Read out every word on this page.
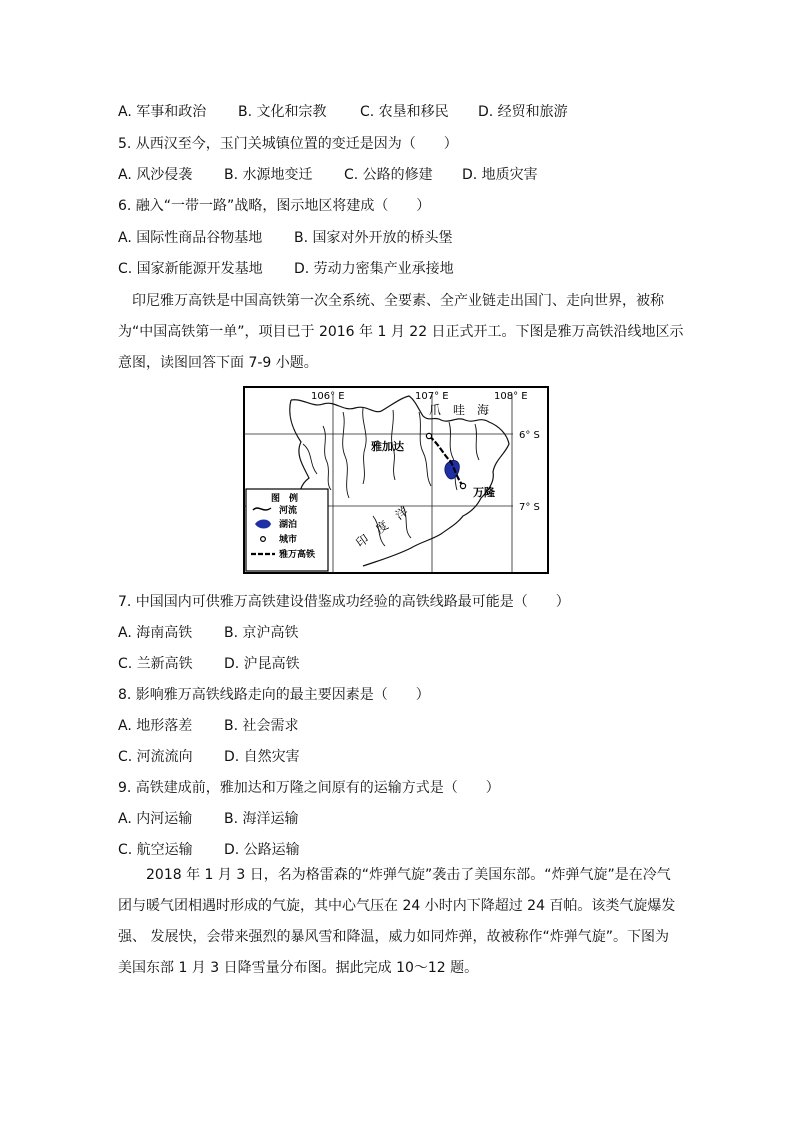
A. 军事和政治 B. 文化和宗教 C. 农垦和移民 D. 经贸和旅游
5. 从西汉至今，玉门关城镇位置的变迁是因为（　　）
A. 风沙侵袭 B. 水源地变迁 C. 公路的修建 D. 地质灾害
6. 融入“一带一路”战略，图示地区将建成（　　）
A. 国际性商品谷物基地 B. 国家对外开放的桥头堡
C. 国家新能源开发基地 D. 劳动力密集产业承接地
　印尼雅万高铁是中国高铁第一次全系统、全要素、全产业链走出国门、走向世界，被称
为“中国高铁第一单”，项目已于 2016 年 1 月 22 日正式开工。下图是雅万高铁沿线地区示
意图，读图回答下面 7-9 小题。
106° E	107° E	108° E
6° S
7° S
爪　哇　海
雅加达
万隆
印　度　洋
图　例
河流
湖泊
城市
雅万高铁
7. 中国国内可供雅万高铁建设借鉴成功经验的高铁线路最可能是（　　）
A. 海南高铁 B. 京沪高铁
C. 兰新高铁 D. 沪昆高铁
8. 影响雅万高铁线路走向的最主要因素是（　　）
A. 地形落差 B. 社会需求
C. 河流流向 D. 自然灾害
9. 高铁建成前，雅加达和万隆之间原有的运输方式是（　　）
A. 内河运输 B. 海洋运输
C. 航空运输 D. 公路运输
　　2018 年 1 月 3 日，名为格雷森的“炸弹气旋”袭击了美国东部。“炸弹气旋”是在冷气团与暖气团相遇时形成的气旋，其中心气压在 24 小时内下降超过 24 百帕。该类气旋爆发强、 发展快，会带来强烈的暴风雪和降温，威力如同炸弹，故被称作“炸弹气旋”。下图为美国东部 1 月 3 日降雪量分布图。据此完成 10～12 题。
